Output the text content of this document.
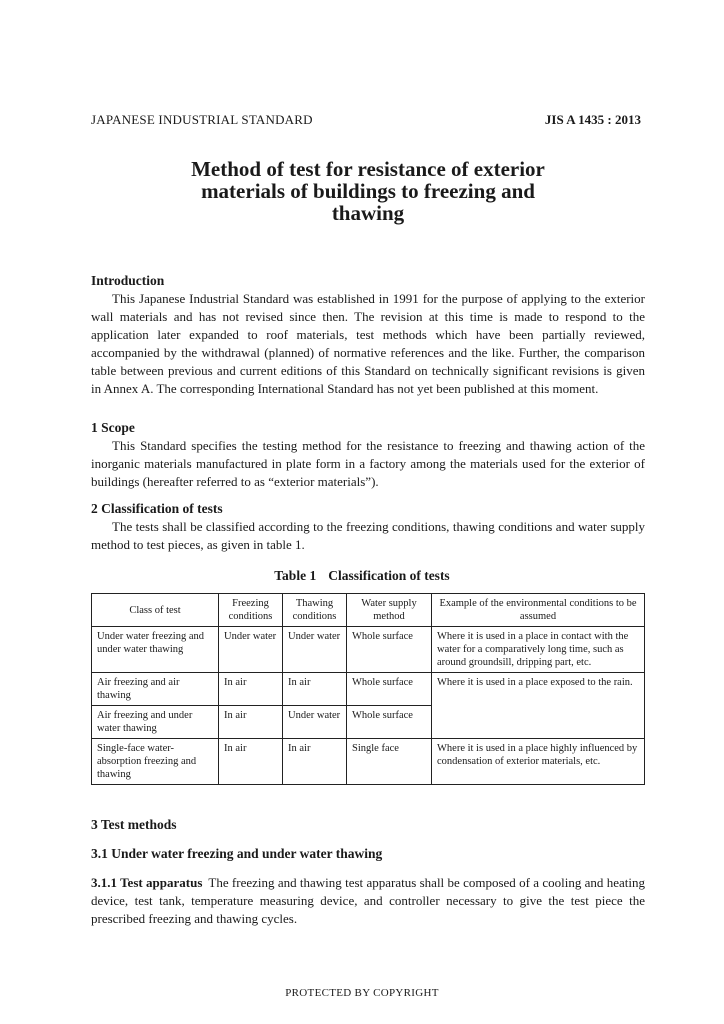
JAPANESE INDUSTRIAL STANDARD	JIS A 1435 : 2013
Method of test for resistance of exterior
materials of buildings to freezing and
thawing

Introduction

This Japanese Industrial Standard was established in 1991 for the purpose of applying to the exterior wall materials and has not revised since then. The revision at this time is made to respond to the application later expanded to roof materials, test methods which have been partially reviewed, accompanied by the withdrawal (planned) of normative references and the like. Further, the comparison table between previous and current editions of this Standard on technically significant revisions is given in Annex A. The corresponding International Standard has not yet been published at this moment.

1 Scope

This Standard specifies the testing method for the resistance to freezing and thawing action of the inorganic materials manufactured in plate form in a factory among the materials used for the exterior of buildings (hereafter referred to as “exterior materials”).

2 Classification of tests

The tests shall be classified according to the freezing conditions, thawing conditions and water supply method to test pieces, as given in table 1.

Table 1 Classification of tests
Class of test	Freezing conditions	Thawing conditions	Water supply method	Example of the environmental conditions to be assumed
Under water freezing and under water thawing	Under water	Under water	Whole surface	Where it is used in a place in contact with the water for a comparatively long time, such as around groundsill, dripping part, etc.
Air freezing and air thawing	In air	In air	Whole surface	Where it is used in a place exposed to the rain.
Air freezing and under water thawing	In air	Under water	Whole surface	
Single-face water-absorption freezing and thawing	In air	In air	Single face	Where it is used in a place highly influenced by condensation of exterior materials, etc.
3 Test methods
3.1 Under water freezing and under water thawing
3.1.1 Test apparatus The freezing and thawing test apparatus shall be composed of a cooling and heating device, test tank, temperature measuring device, and controller necessary to give the test piece the prescribed freezing and thawing cycles.
PROTECTED BY COPYRIGHT
